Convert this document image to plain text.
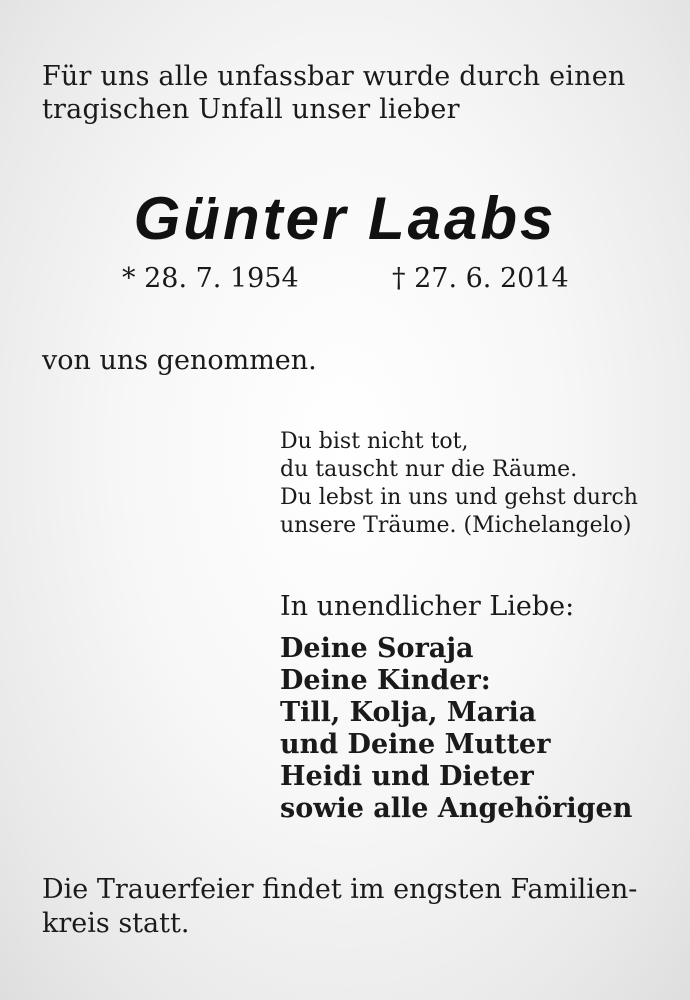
Für uns alle unfassbar wurde durch einen
tragischen Unfall unser lieber

Günter Laabs
* 28. 7. 1954	† 27. 6. 2014
von uns genommen.
Du bist nicht tot,
du tauscht nur die Räume.
Du lebst in uns und gehst durch
unsere Träume. (Michelangelo)
In unendlicher Liebe:
Deine Soraja
Deine Kinder:
Till, Kolja, Maria
und Deine Mutter
Heidi und Dieter
sowie alle Angehörigen
Die Trauerfeier findet im engsten Familien-
kreis statt.
